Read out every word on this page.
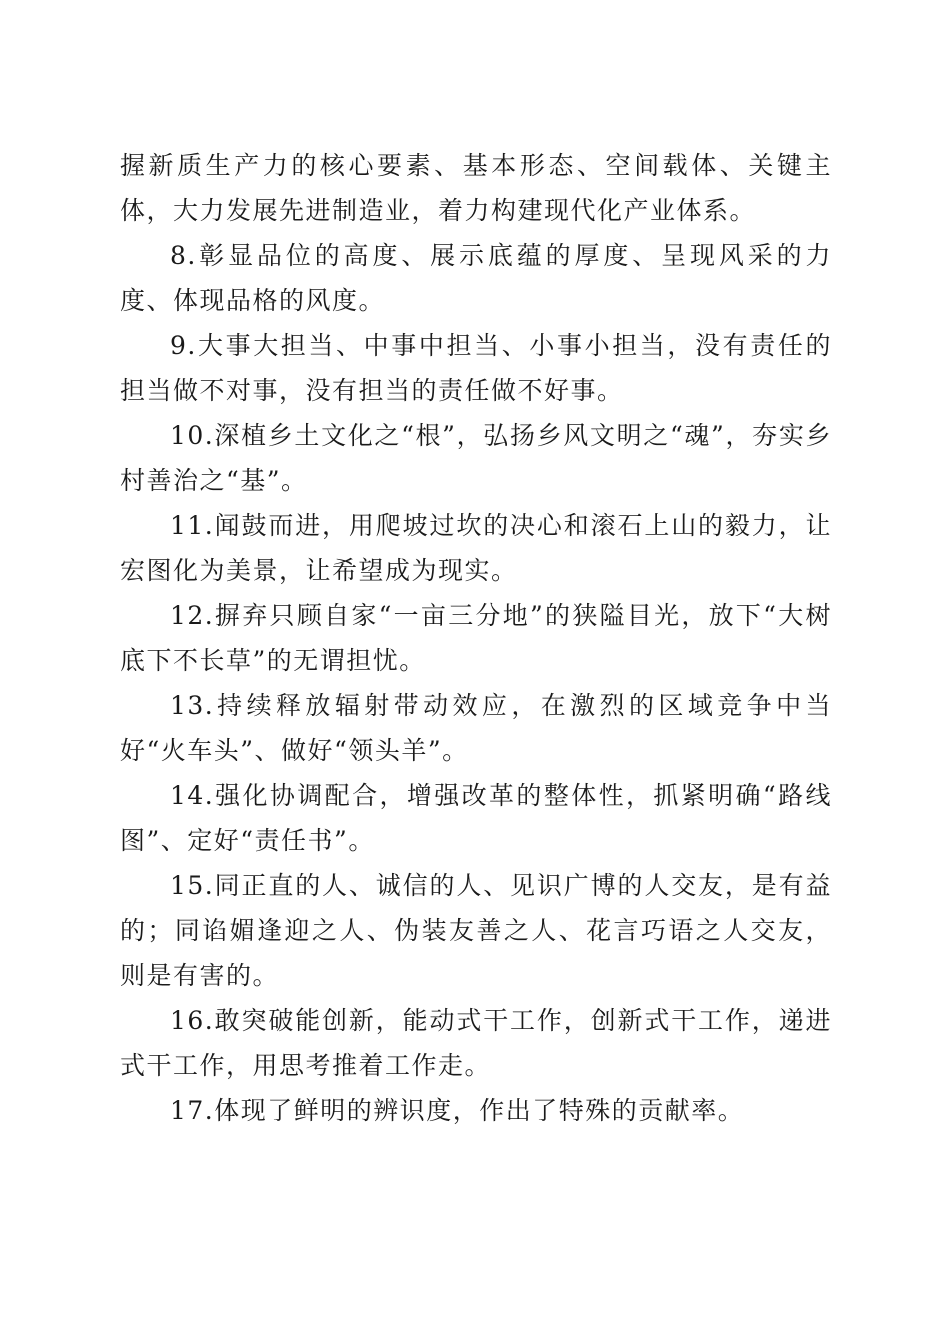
握新质生产力的核心要素、基本形态、空间载体、关键主体，大力发展先进制造业，着力构建现代化产业体系。

8.彰显品位的高度、展示底蕴的厚度、呈现风采的力度、体现品格的风度。

9.大事大担当、中事中担当、小事小担当，没有责任的担当做不对事，没有担当的责任做不好事。

10.深植乡土文化之“根”，弘扬乡风文明之“魂”，夯实乡村善治之“基”。

11.闻鼓而进，用爬坡过坎的决心和滚石上山的毅力，让宏图化为美景，让希望成为现实。

12.摒弃只顾自家“一亩三分地”的狭隘目光，放下“大树底下不长草”的无谓担忧。

13.持续释放辐射带动效应，在激烈的区域竞争中当好“火车头”、做好“领头羊”。

14.强化协调配合，增强改革的整体性，抓紧明确“路线图”、定好“责任书”。

15.同正直的人、诚信的人、见识广博的人交友，是有益的；同谄媚逢迎之人、伪装友善之人、花言巧语之人交友，则是有害的。

16.敢突破能创新，能动式干工作，创新式干工作，递进式干工作，用思考推着工作走。

17.体现了鲜明的辨识度，作出了特殊的贡献率。
